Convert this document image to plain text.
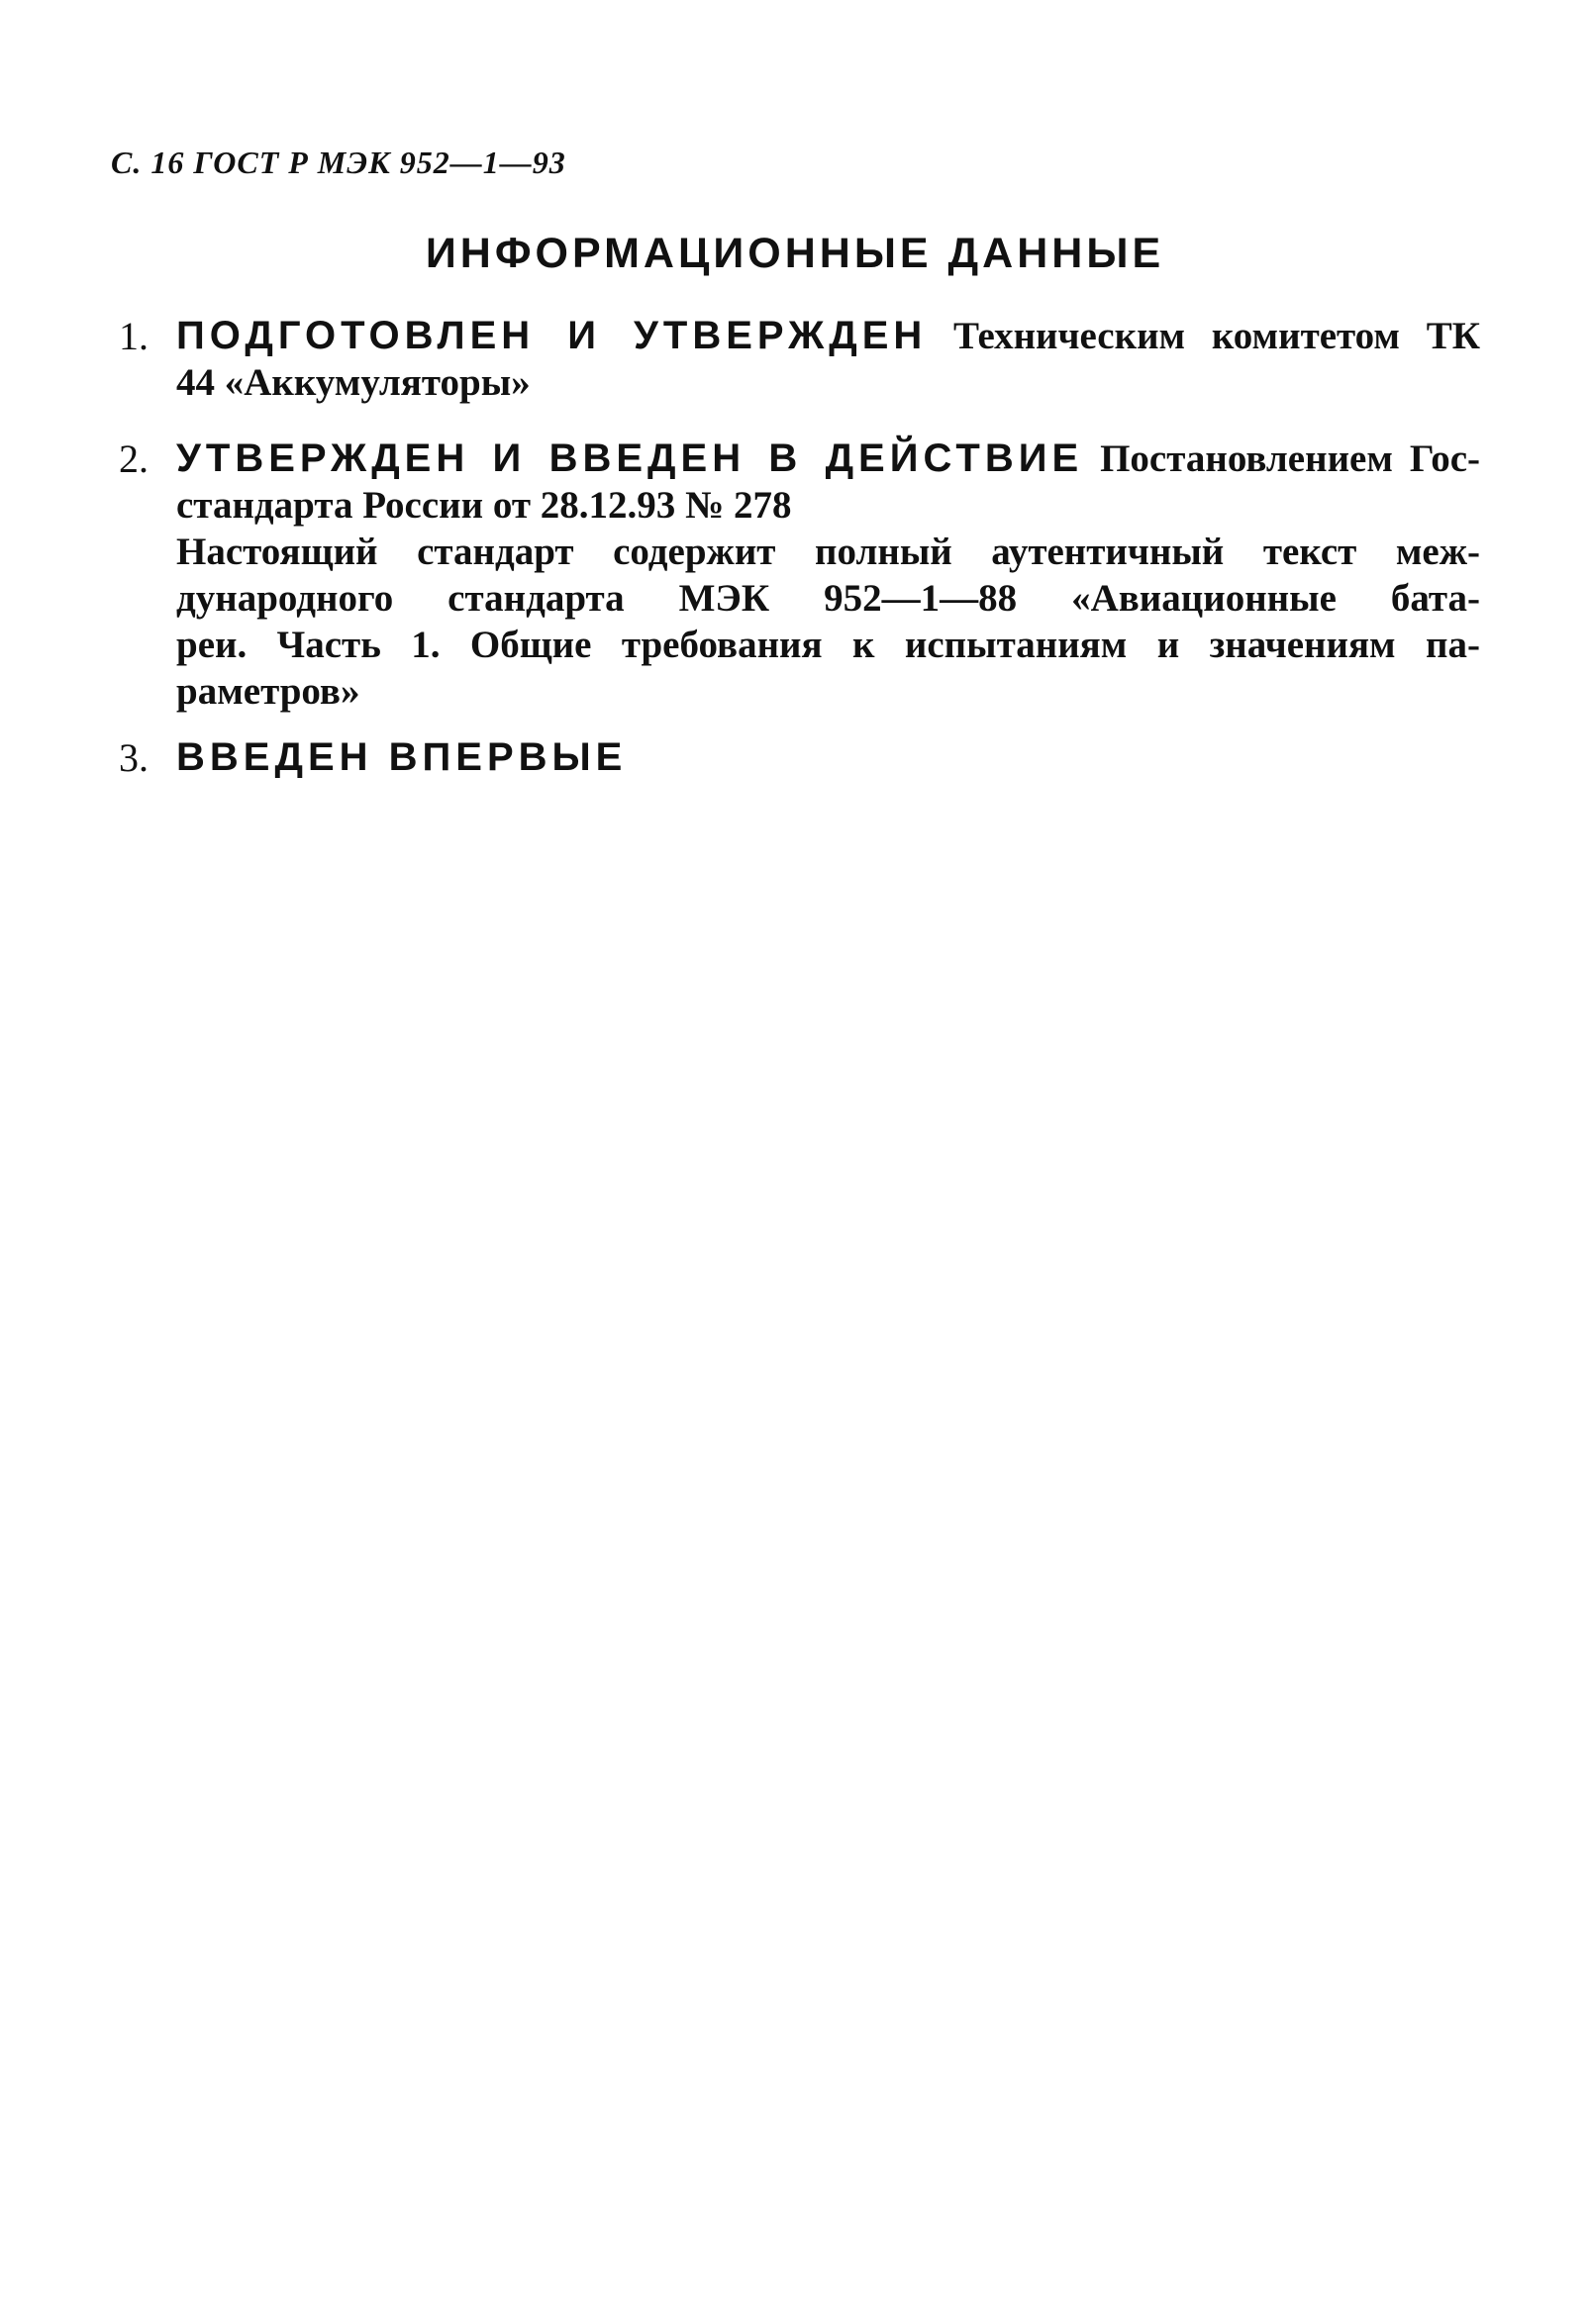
С. 16 ГОСТ Р МЭК 952—1—93
ИНФОРМАЦИОННЫЕ ДАННЫЕ
1. ПОДГОТОВЛЕН И УТВЕРЖДЕН Техническим комитетом ТК
44 «Аккумуляторы»
2. УТВЕРЖДЕН И ВВЕДЕН В ДЕЙСТВИЕ Постановлением Гос-
стандарта России от 28.12.93 № 278
Настоящий стандарт содержит полный аутентичный текст меж-
дународного стандарта МЭК 952—1—88 «Авиационные бата-
реи. Часть 1. Общие требования к испытаниям и значениям па-
раметров»
3. ВВЕДЕН ВПЕРВЫЕ
